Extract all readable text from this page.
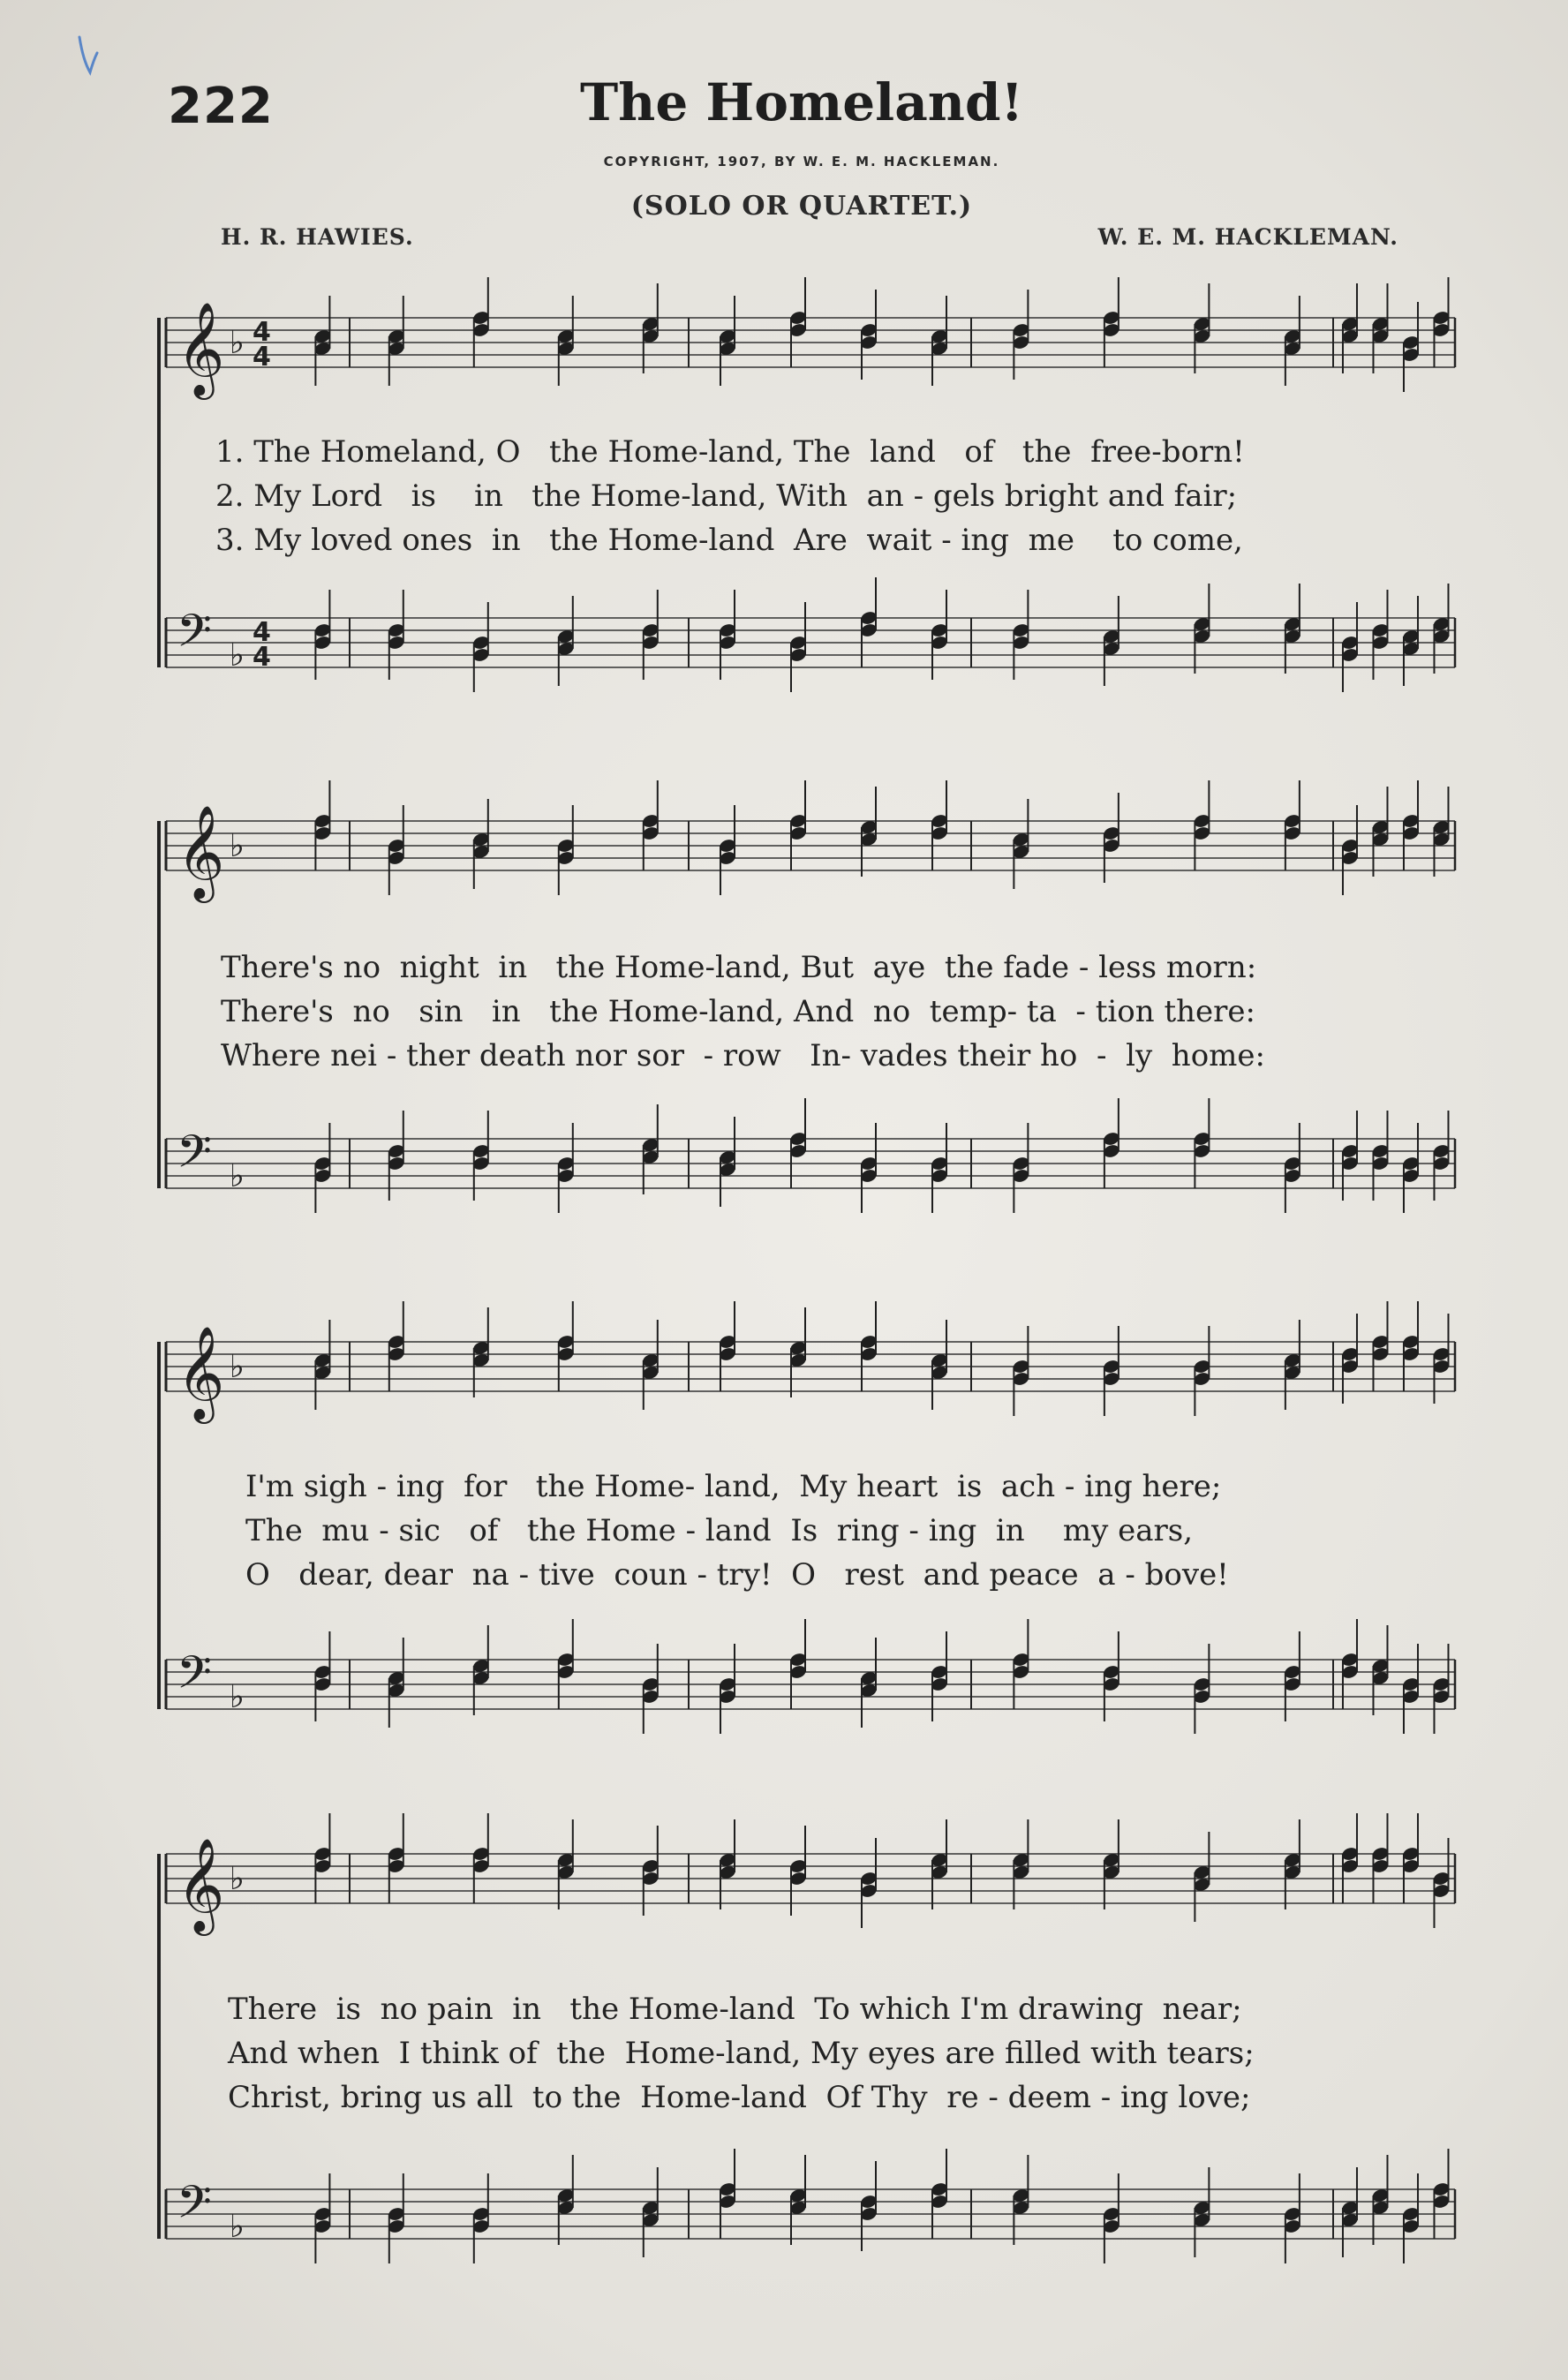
222	The Homeland!
COPYRIGHT, 1907, BY W. E. M. HACKLEMAN.
(SOLO OR QUARTET.)
H. R. HAWIES.	W. E. M. HACKLEMAN.
𝄞 ♭ 4
4
1. The Homeland, O   the Home-land, The  land   of   the  free-born!
2. My Lord   is    in   the Home-land, With  an - gels bright and fair;
3. My loved ones  in   the Home-land  Are  wait - ing  me    to come,
𝄢 ♭
4
4
𝄞 ♭
There's no  night  in   the Home-land, But  aye  the fade - less morn:
There's  no   sin   in   the Home-land, And  no  temp- ta  - tion there:
Where nei - ther death nor sor  - row   In- vades their ho  -  ly  home:
𝄢 ♭
𝄞 ♭
I'm sigh - ing  for   the Home- land,  My heart  is  ach - ing here;
The  mu - sic   of   the Home - land  Is  ring - ing  in    my ears,
O   dear, dear  na - tive  coun - try!  O   rest  and peace  a - bove!
𝄢 ♭
𝄞 ♭
There  is  no pain  in   the Home-land  To which I'm drawing  near;
And when  I think of  the  Home-land, My eyes are filled with tears;
Christ, bring us all  to the  Home-land  Of Thy  re - deem - ing love;
𝄢 ♭
